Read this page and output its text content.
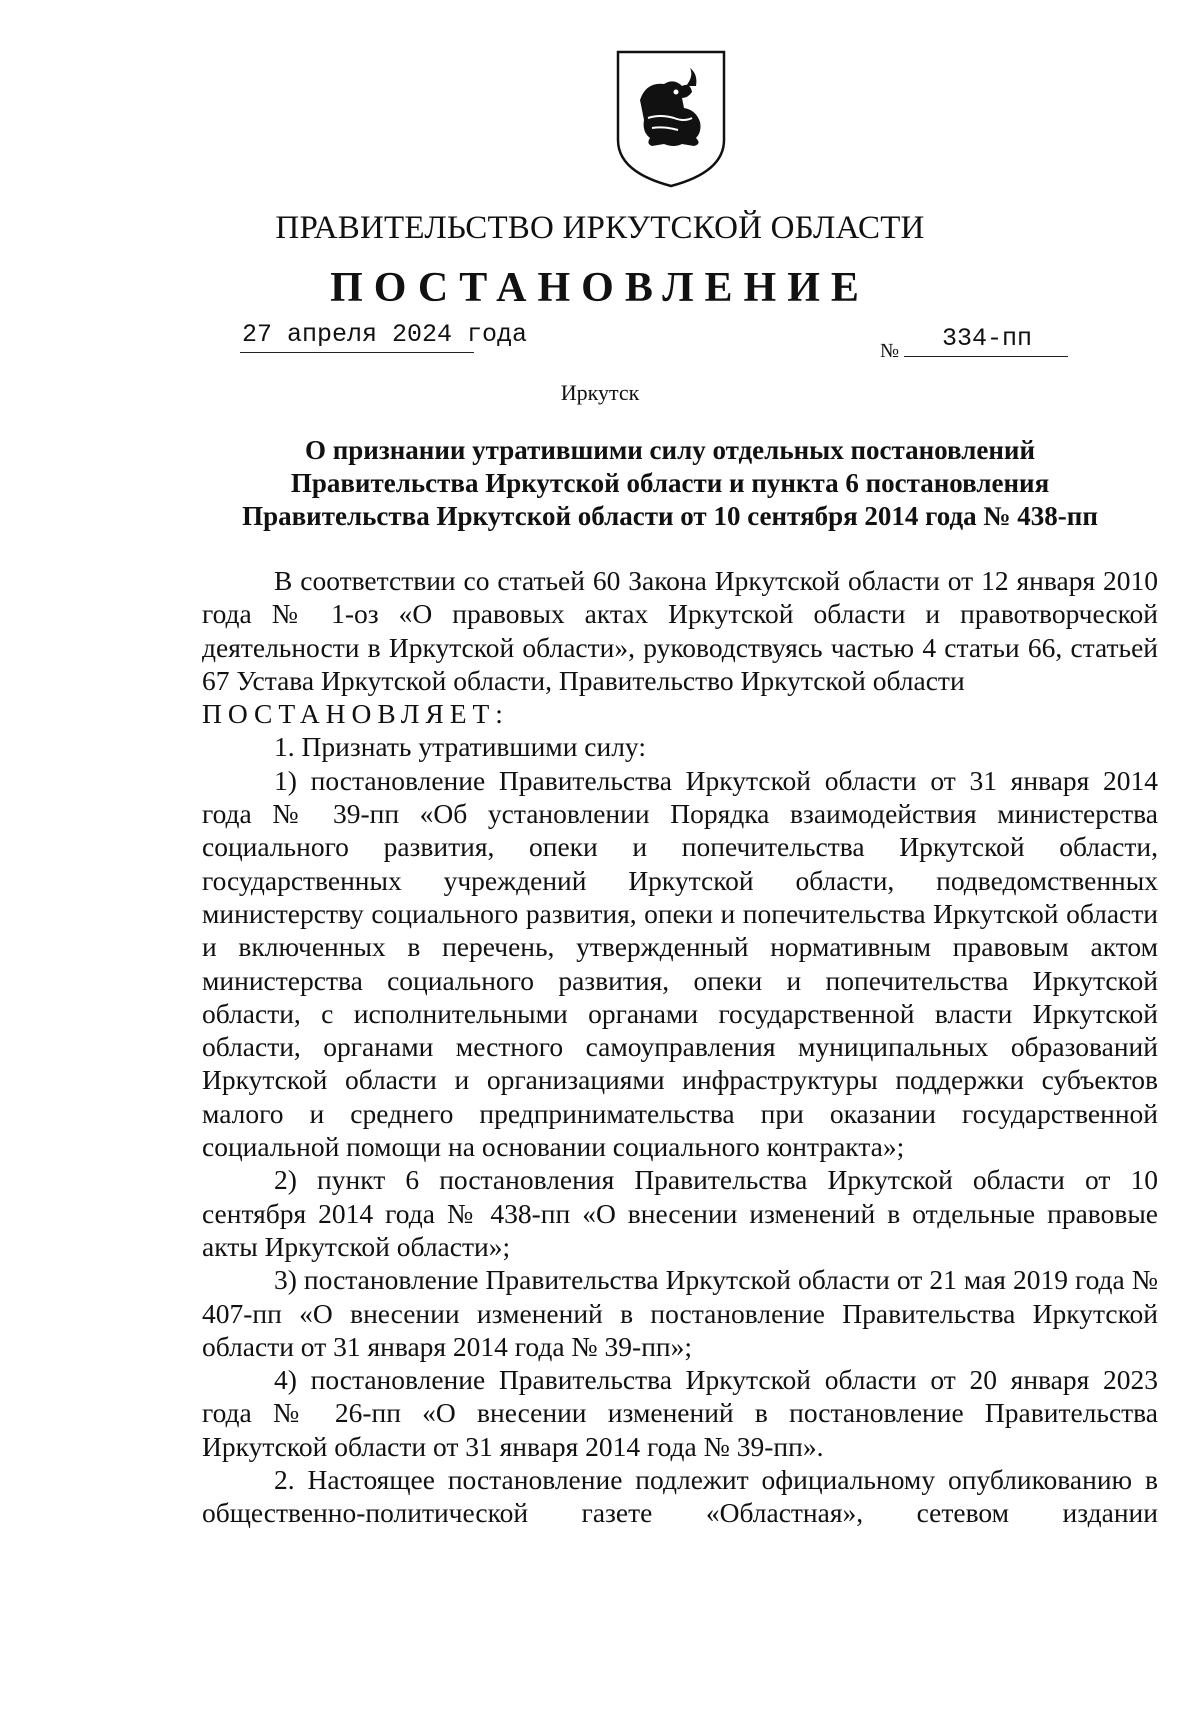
ПРАВИТЕЛЬСТВО ИРКУТСКОЙ ОБЛАСТИ
ПОСТАНОВЛЕНИЕ
27 апреля 2024 года
№	334-пп
Иркутск
О признании утратившими силу отдельных постановлений
Правительства Иркутской области и пункта 6 постановления
Правительства Иркутской области от 10 сентября 2014 года № 438-пп

В соответствии со статьей 60 Закона Иркутской области от 12 января 2010 года № 1-оз «О правовых актах Иркутской области и правотворческой деятельности в Иркутской области», руководствуясь частью 4 статьи 66, статьей 67 Устава Иркутской области, Правительство Иркутской области

ПОСТАНОВЛЯЕТ:

1. Признать утратившими силу:

1) постановление Правительства Иркутской области от 31 января 2014 года № 39-пп «Об установлении Порядка взаимодействия министерства социального развития, опеки и попечительства Иркутской области, государственных учреждений Иркутской области, подведомственных министерству социального развития, опеки и попечительства Иркутской области и включенных в перечень, утвержденный нормативным правовым актом министерства социального развития, опеки и попечительства Иркутской области, с исполнительными органами государственной власти Иркутской области, органами местного самоуправления муниципальных образований Иркутской области и организациями инфраструктуры поддержки субъектов малого и среднего предпринимательства при оказании государственной социальной помощи на основании социального контракта»;

2) пункт 6 постановления Правительства Иркутской области от 10 сентября 2014 года № 438-пп «О внесении изменений в отдельные правовые акты Иркутской области»;

3) постановление Правительства Иркутской области от 21 мая 2019 года № 407-пп «О внесении изменений в постановление Правительства Иркутской области от 31 января 2014 года № 39-пп»;

4) постановление Правительства Иркутской области от 20 января 2023 года № 26-пп «О внесении изменений в постановление Правительства Иркутской области от 31 января 2014 года № 39-пп».

2. Настоящее постановление подлежит официальному опубликованию в общественно-политической газете «Областная», сетевом издании
